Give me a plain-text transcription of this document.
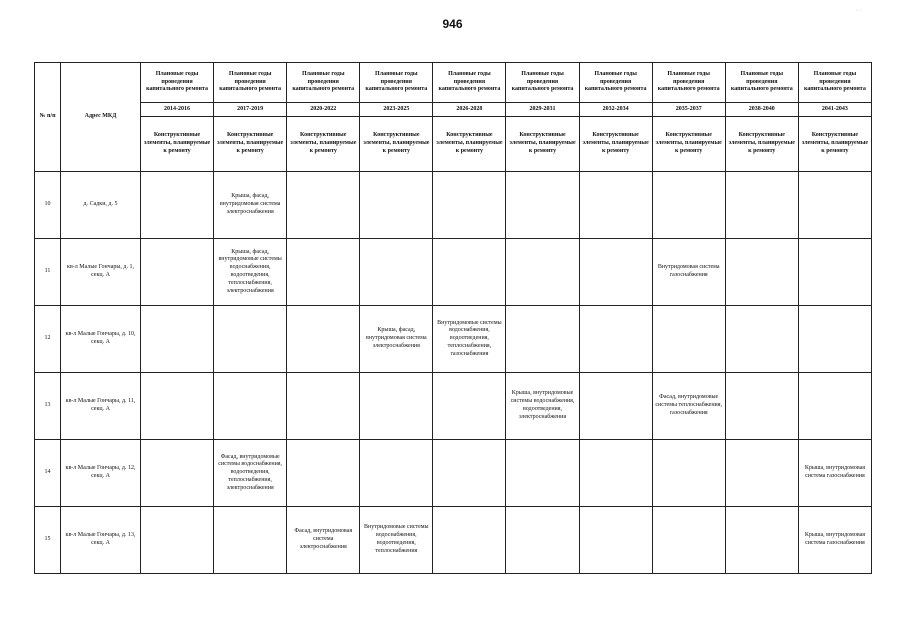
946
· ·
№ п/п	Адрес МКД	Плановые годы проведения капитального ремонта	Плановые годы проведения капитального ремонта	Плановые годы проведения капитального ремонта	Плановые годы проведения капитального ремонта	Плановые годы проведения капитального ремонта	Плановые годы проведения капитального ремонта	Плановые годы проведения капитального ремонта	Плановые годы проведения капитального ремонта	Плановые годы проведения капитального ремонта	Плановые годы проведения капитального ремонта
		2014-2016	2017-2019	2020-2022	2023-2025	2026-2028	2029-2031	2032-2034	2035-2037	2038-2040	2041-2043
		Конструктивные элементы, планируемые к ремонту	Конструктивные элементы, планируемые к ремонту	Конструктивные элементы, планируемые к ремонту	Конструктивные элементы, планируемые к ремонту	Конструктивные элементы, планируемые к ремонту	Конструктивные элементы, планируемые к ремонту	Конструктивные элементы, планируемые к ремонту	Конструктивные элементы, планируемые к ремонту	Конструктивные элементы, планируемые к ремонту	Конструктивные элементы, планируемые к ремонту
10	д. Садки, д. 5		Крыша, фасад, внутридомовая система электроснабжения								
11	кв-л Малые Гончары, д. 1, секц. А		Крыша, фасад, внутридомовые системы водоснабжения, водоотведения, теплоснабжения, электроснабжения						Внутридомовая система газоснабжения		
12	кв-л Малые Гончары, д. 10, секц. А				Крыша, фасад, внутридомовая система электроснабжения	Внутридомовые системы водоснабжения, водоотведения, теплоснабжения, газоснабжения					
13	кв-л Малые Гончары, д. 11, секц. А						Крыша, внутридомовые системы водоснабжения, водоотведения, электроснабжения		Фасад, внутридомовые системы теплоснабжения, газоснабжения		
14	кв-л Малые Гончары, д. 12, секц. А		Фасад, внутридомовые системы водоснабжения, водоотведения, теплоснабжения, электроснабжения								Крыша, внутридомовая система газоснабжения
15	кв-л Малые Гончары, д. 13, секц. А			Фасад, внутридомовая система электроснабжения	Внутридомовые системы водоснабжения, водоотведения, теплоснабжения						Крыша, внутридомовая система газоснабжения
